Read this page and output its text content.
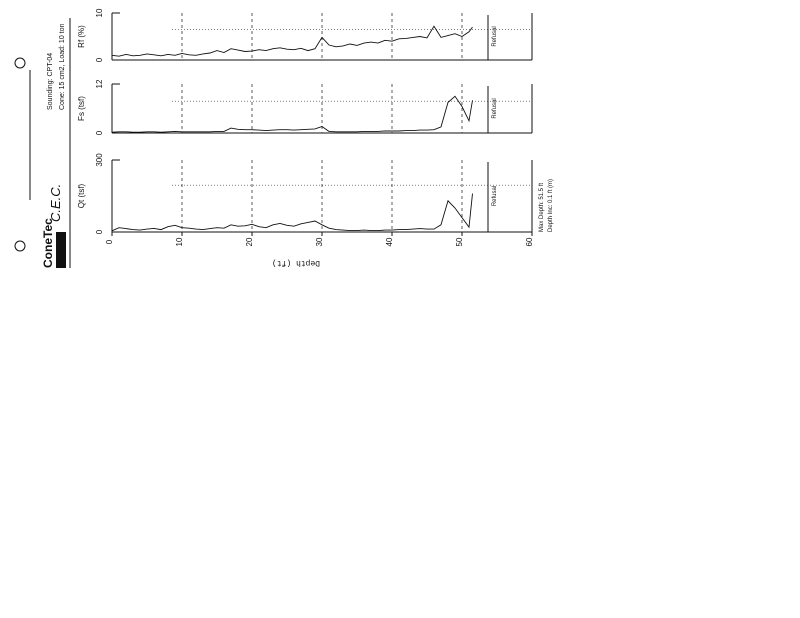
ConeTec
C.E.C.
Sounding: CPT-04 Cone: 15 cm2, Load: 10 ton
0
300
Qt (tsf)	Refusal
0
12
Fs (tsf)	Refusal
0
10
Rf (%)	Refusal
0	10	20	30	40	50	60
Depth (ft)
Max Depth: 51.5 ft Depth Inc: 0.1 ft (m)
